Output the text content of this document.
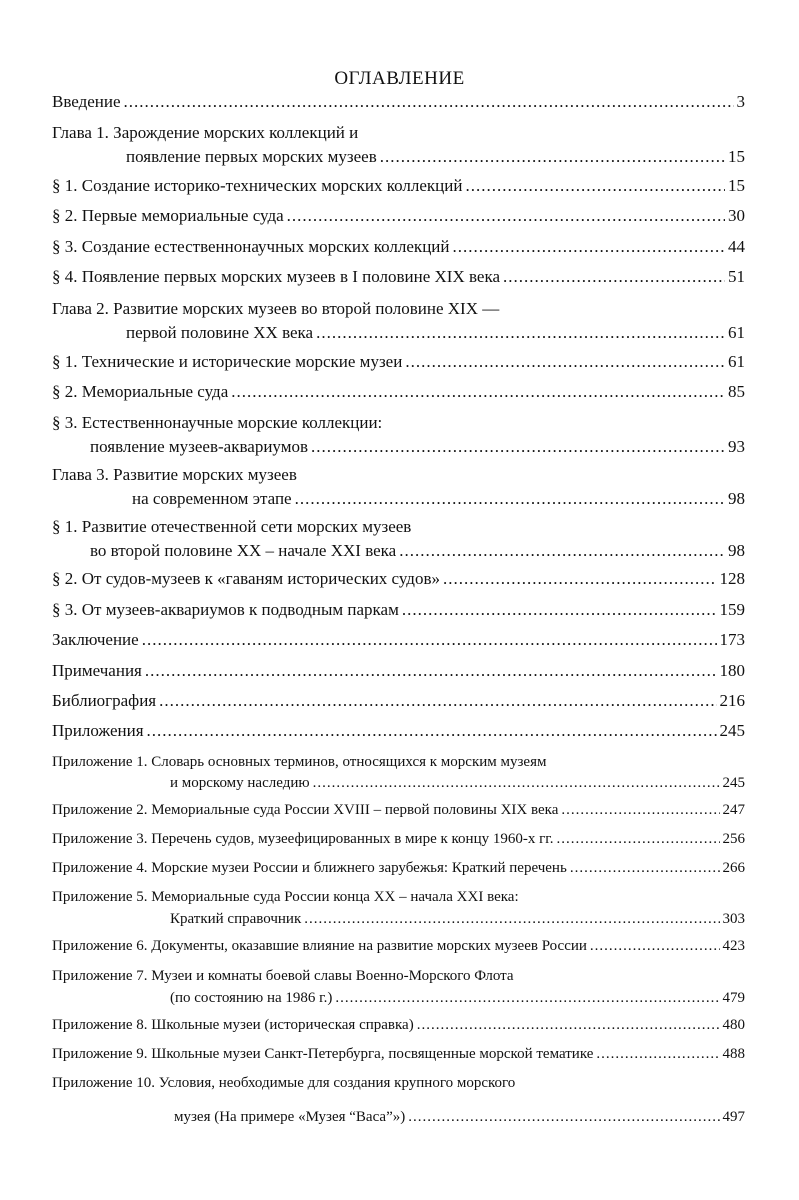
ОГЛАВЛЕНИЕ
Введение .....	3
Глава 1. Зарождение морских коллекций и
появление первых морских музеев .....	15
§ 1. Создание историко-технических морских коллекций .....	15
§ 2. Первые мемориальные суда .....	30
§ 3. Создание естественнонаучных морских коллекций .....	44
§ 4. Появление первых морских музеев в I половине XIX века .....	51
Глава 2. Развитие морских музеев во второй половине XIX —
первой половине XX века .....	61
§ 1. Технические и исторические морские музеи .....	61
§ 2. Мемориальные суда .....	85
§ 3. Естественнонаучные морские коллекции:
появление музеев-аквариумов .....	93
Глава 3. Развитие морских музеев
на современном этапе .....	98
§ 1. Развитие отечественной сети морских музеев
во второй половине XX – начале XXI века .....	98
§ 2. От судов-музеев к «гаваням исторических судов» .....	128
§ 3. От музеев-аквариумов к подводным паркам .....	159
Заключение .....	173
Примечания .....	180
Библиография .....	216
Приложения .....	245
Приложение 1. Словарь основных терминов, относящихся к морским музеям
и морскому наследию .....	245
Приложение 2. Мемориальные суда России XVIII – первой половины XIX века .....	247
Приложение 3. Перечень судов, музеефицированных в мире к концу 1960-х гг. .....	256
Приложение 4. Морские музеи России и ближнего зарубежья: Краткий перечень .....	266
Приложение 5. Мемориальные суда России конца XX – начала XXI века:
Краткий справочник .....	303
Приложение 6. Документы, оказавшие влияние на развитие морских музеев России .....	423
Приложение 7. Музеи и комнаты боевой славы Военно-Морского Флота
(по состоянию на 1986 г.) .....	479
Приложение 8. Школьные музеи (историческая справка) .....	480
Приложение 9. Школьные музеи Санкт-Петербурга, посвященные морской тематике .....	488
Приложение 10. Условия, необходимые для создания крупного морского
музея (На примере «Музея “Васа”») .....	497
